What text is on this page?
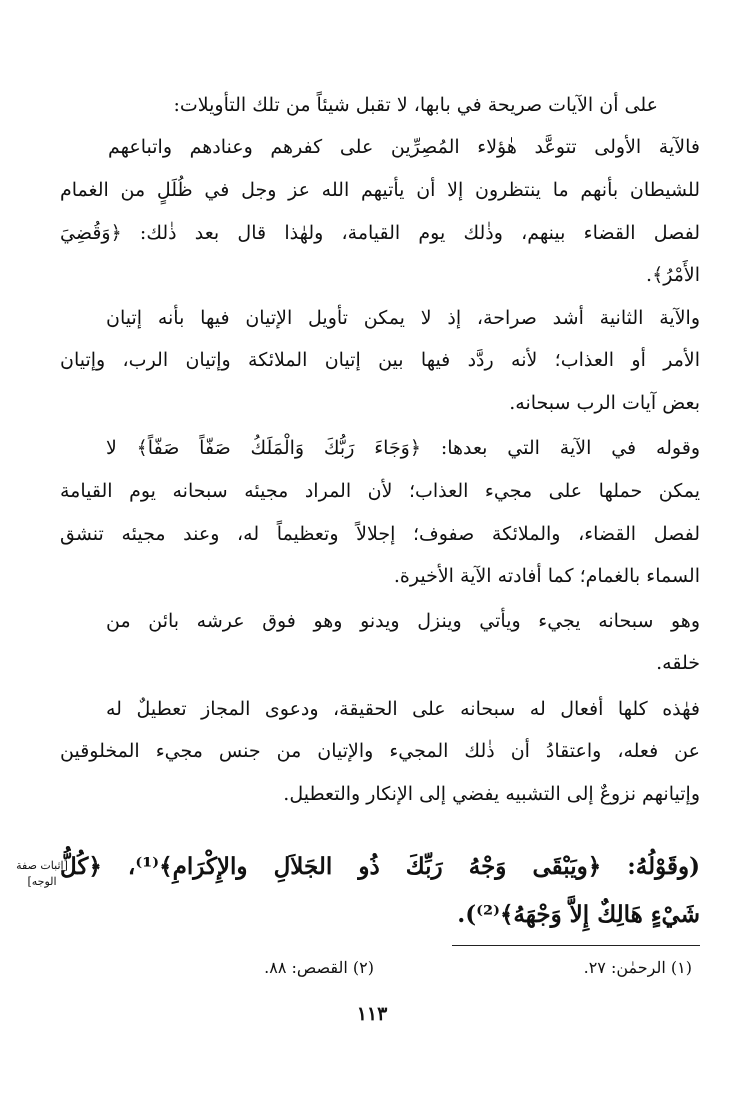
على أن الآيات صريحة في بابها، لا تقبل شيئاً من تلك التأويلات:
فالآية الأولى تتوعَّد هٰؤلاء المُصِرِّين على كفرهم وعنادهم واتباعهم
للشيطان بأنهم ما ينتظرون إلا أن يأتيهم الله عز وجل في ظُلَلٍ من الغمام
لفصل القضاء بينهم، وذٰلك يوم القيامة، ولهٰذا قال بعد ذٰلك: ﴿وَقُضِيَ
الأَمْرُ﴾.
والآية الثانية أشد صراحة، إذ لا يمكن تأويل الإتيان فيها بأنه إتيان
الأمر أو العذاب؛ لأنه ردَّد فيها بين إتيان الملائكة وإتيان الرب، وإتيان
بعض آيات الرب سبحانه.
وقوله في الآية التي بعدها: ﴿وَجَاءَ رَبُّكَ وَالْمَلَكُ صَفّاً صَفّاً﴾ لا
يمكن حملها على مجيء العذاب؛ لأن المراد مجيئه سبحانه يوم القيامة
لفصل القضاء، والملائكة صفوف؛ إجلالاً وتعظيماً له، وعند مجيئه تنشق
السماء بالغمام؛ كما أفادته الآية الأخيرة.
وهو سبحانه يجيء ويأتي وينزل ويدنو وهو فوق عرشه بائن من
خلقه.
فهٰذه كلها أفعال له سبحانه على الحقيقة، ودعوى المجاز تعطيلٌ له
عن فعله، واعتقادُ أن ذٰلك المجيء والإتيان من جنس مجيء المخلوقين
وإتيانهم نزوعٌ إلى التشبيه يفضي إلى الإنكار والتعطيل.
(وقَوْلُهُ: ﴿ويَبْقَى وَجْهُ رَبِّكَ ذُو الجَلاَلِ والإِكْرَامِ﴾⁽¹⁾، ﴿كُلُّ
شَيْءٍ هَالِكٌ إِلاَّ وَجْهَهُ﴾⁽²⁾).
[إثبات صفة الوجه]
(١) الرحمٰن: ٢٧.
(٢) القصص: ٨٨.
١١٣
